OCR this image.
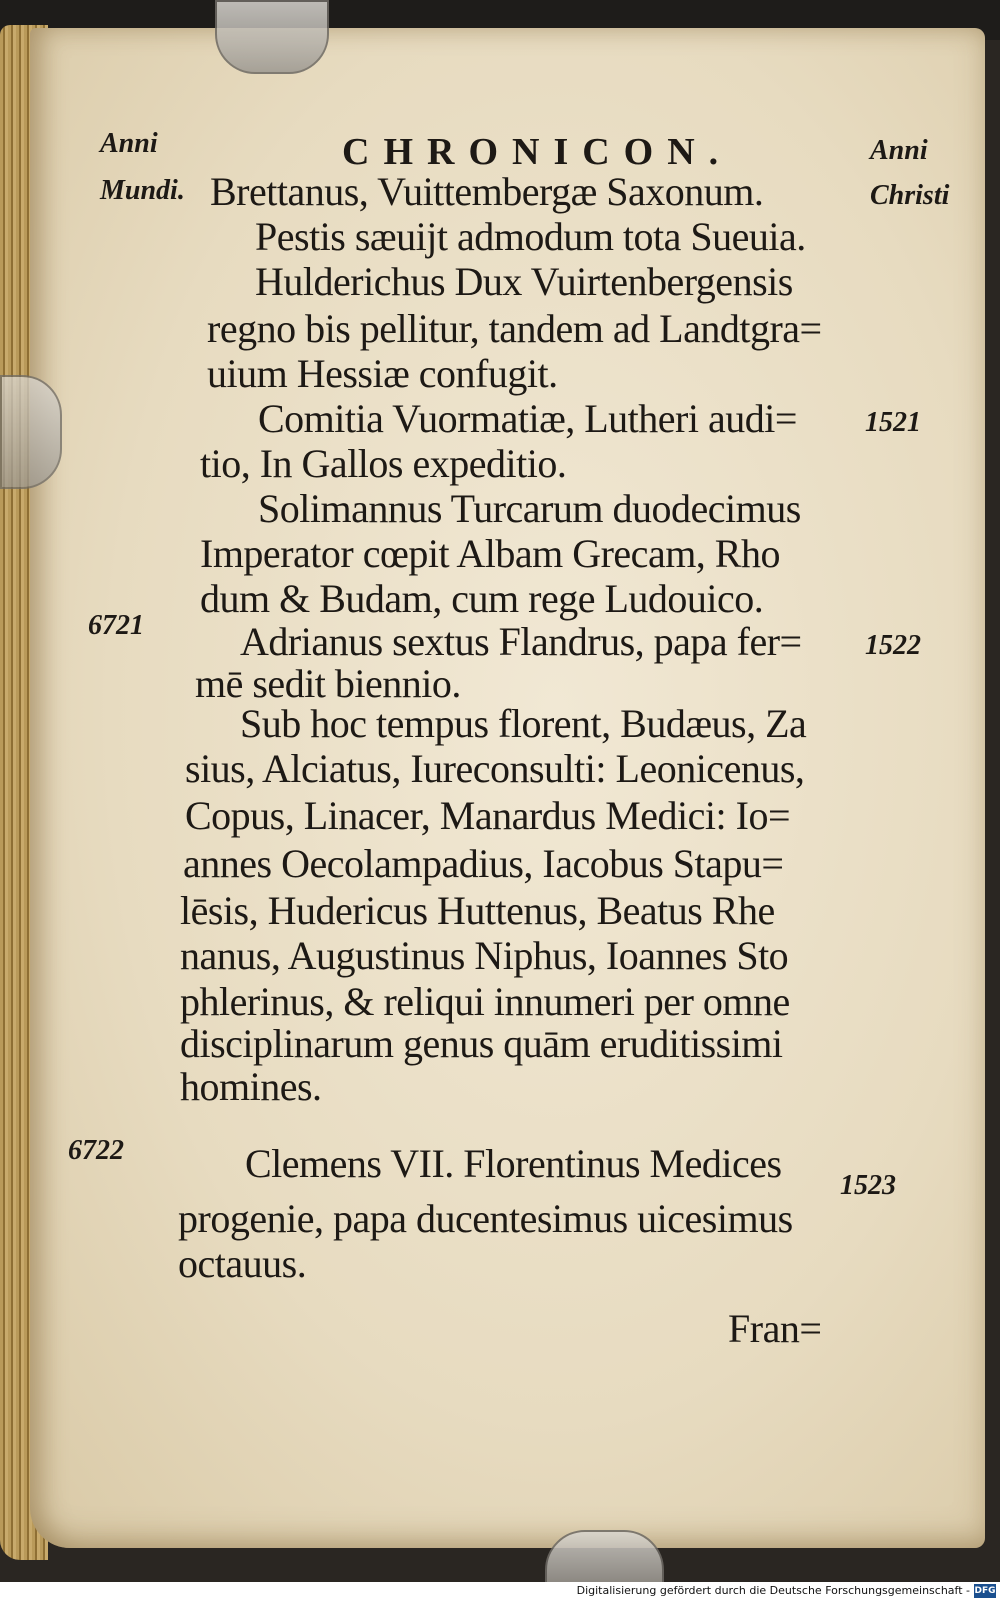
CHRONICON.
Anni
Mundi.
Anni
Christi
Brettanus, Vuittembergæ Saxonum.
Pestis sæuijt admodum tota Sueuia.
Hulderichus Dux Vuirtenbergensis
regno bis pellitur, tandem ad Landtgra=
uium Hessiæ confugit.
Comitia Vuormatiæ, Lutheri audi=
tio, In Gallos expeditio.
Solimannus Turcarum duodecimus
Imperator cœpit Albam Grecam, Rho
dum & Budam, cum rege Ludouico.
Adrianus sextus Flandrus, papa fer=
mē sedit biennio.
Sub hoc tempus florent, Budæus, Za
sius, Alciatus, Iureconsulti: Leonicenus,
Copus, Linacer, Manardus Medici: Io=
annes Oecolampadius, Iacobus Stapu=
lēsis, Hudericus Huttenus, Beatus Rhe
nanus, Augustinus Niphus, Ioannes Sto
phlerinus, & reliqui innumeri per omne
disciplinarum genus quām eruditissimi
homines.
Clemens VII. Florentinus Medices
progenie, papa ducentesimus uicesimus
octauus.
Fran=
6721
6722
1521
1522
1523
Digitalisierung gefördert durch die Deutsche Forschungsgemeinschaft - DFG
